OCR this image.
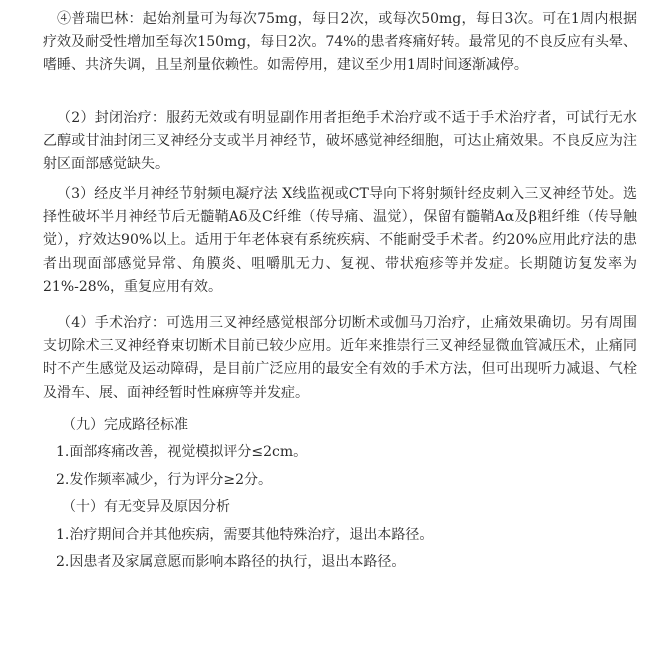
④普瑞巴林：起始剂量可为每次75mg，每日2次，或每次50mg，每日3次。可在1周内根据疗效及耐受性增加至每次150mg，每日2次。74%的患者疼痛好转。最常见的不良反应有头晕、嗜睡、共济失调，且呈剂量依赖性。如需停用，建议至少用1周时间逐渐减停。

（2）封闭治疗：服药无效或有明显副作用者拒绝手术治疗或不适于手术治疗者，可试行无水乙醇或甘油封闭三叉神经分支或半月神经节，破坏感觉神经细胞，可达止痛效果。不良反应为注射区面部感觉缺失。

（3）经皮半月神经节射频电凝疗法 X线监视或CT导向下将射频针经皮刺入三叉神经节处。选择性破坏半月神经节后无髓鞘Aδ及C纤维（传导痛、温觉），保留有髓鞘Aα及β粗纤维（传导触觉），疗效达90%以上。适用于年老体衰有系统疾病、不能耐受手术者。约20%应用此疗法的患者出现面部感觉异常、角膜炎、咀嚼肌无力、复视、带状疱疹等并发症。长期随访复发率为21%-28%，重复应用有效。

（4）手术治疗：可选用三叉神经感觉根部分切断术或伽马刀治疗，止痛效果确切。另有周围支切除术三叉神经脊束切断术目前已较少应用。近年来推崇行三叉神经显微血管减压术，止痛同时不产生感觉及运动障碍，是目前广泛应用的最安全有效的手术方法，但可出现听力减退、气栓及滑车、展、面神经暂时性麻痹等并发症。

（九）完成路径标准

1.面部疼痛改善，视觉模拟评分≤2cm。

2.发作频率减少，行为评分≥2分。

（十）有无变异及原因分析

1.治疗期间合并其他疾病，需要其他特殊治疗，退出本路径。

2.因患者及家属意愿而影响本路径的执行，退出本路径。
